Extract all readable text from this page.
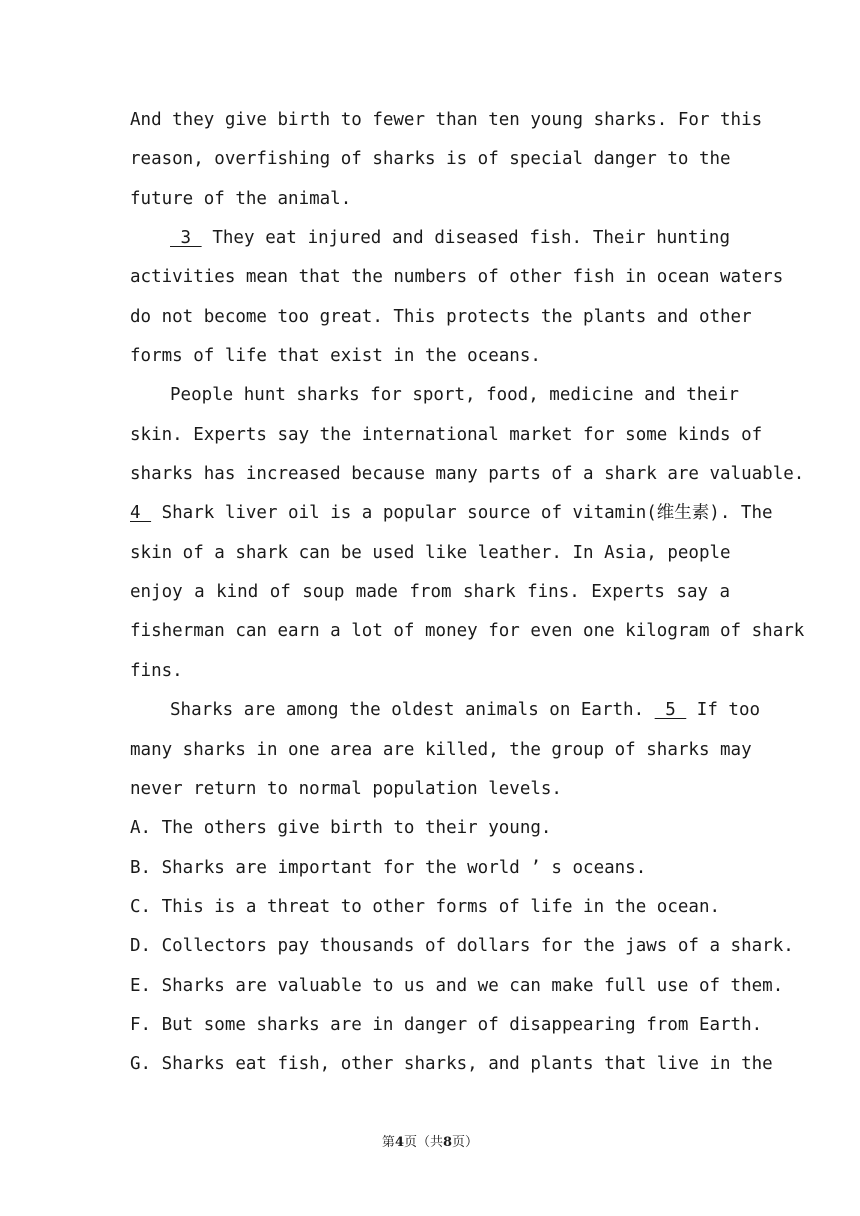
And they give birth to fewer than ten young sharks. For this
reason, overfishing of sharks is of special danger to the
future of the animal.
3  They eat injured and diseased fish. Their hunting
activities mean that the numbers of other fish in ocean waters
do not become too great. This protects the plants and other
forms of life that exist in the oceans.
People hunt sharks for sport, food, medicine and their
skin. Experts say the international market for some kinds of
sharks has increased because many parts of a shark are valuable.
4  Shark liver oil is a popular source of vitamin(维生素). The
skin of a shark can be used like leather. In Asia, people
enjoy a kind of soup made from shark fins. Experts say a
fisherman can earn a lot of money for even one kilogram of shark
fins.
Sharks are among the oldest animals on Earth.  5  If too
many sharks in one area are killed, the group of sharks may
never return to normal population levels.
A. The others give birth to their young.
B. Sharks are important for the world ’ s oceans.
C. This is a threat to other forms of life in the ocean.
D. Collectors pay thousands of dollars for the jaws of a shark.
E. Sharks are valuable to us and we can make full use of them.
F. But some sharks are in danger of disappearing from Earth.
G. Sharks eat fish, other sharks, and plants that live in the
第4页（共8页）
